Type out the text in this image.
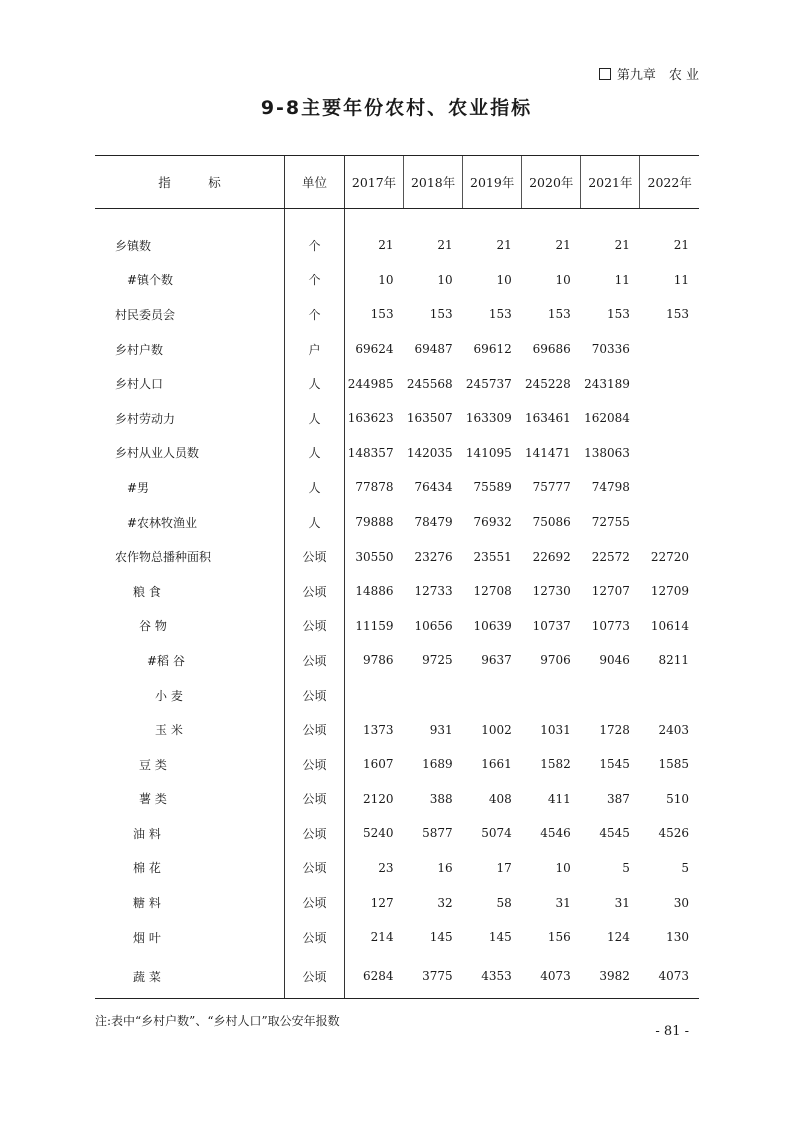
第九章　农 业
9-8主要年份农村、农业指标
指　　　标	单位	2017年	2018年	2019年	2020年	2021年	2022年

乡镇数	个	21	21	21	21	21	21
#镇个数	个	10	10	10	10	11	11
村民委员会	个	153	153	153	153	153	153
乡村户数	户	69624	69487	69612	69686	70336	
乡村人口	人	244985	245568	245737	245228	243189	
乡村劳动力	人	163623	163507	163309	163461	162084	
乡村从业人员数	人	148357	142035	141095	141471	138063	
#男	人	77878	76434	75589	75777	74798	
#农林牧渔业	人	79888	78479	76932	75086	72755	
农作物总播种面积	公顷	30550	23276	23551	22692	22572	22720
粮 食	公顷	14886	12733	12708	12730	12707	12709
谷 物	公顷	11159	10656	10639	10737	10773	10614
#稻 谷	公顷	9786	9725	9637	9706	9046	8211
小 麦	公顷						
玉 米	公顷	1373	931	1002	1031	1728	2403
豆 类	公顷	1607	1689	1661	1582	1545	1585
薯 类	公顷	2120	388	408	411	387	510
油 料	公顷	5240	5877	5074	4546	4545	4526
棉 花	公顷	23	16	17	10	5	5
糖 料	公顷	127	32	58	31	31	30
烟 叶	公顷	214	145	145	156	124	130
蔬 菜	公顷	6284	3775	4353	4073	3982	4073
注:表中“乡村户数”、“乡村人口”取公安年报数
- 81 -
